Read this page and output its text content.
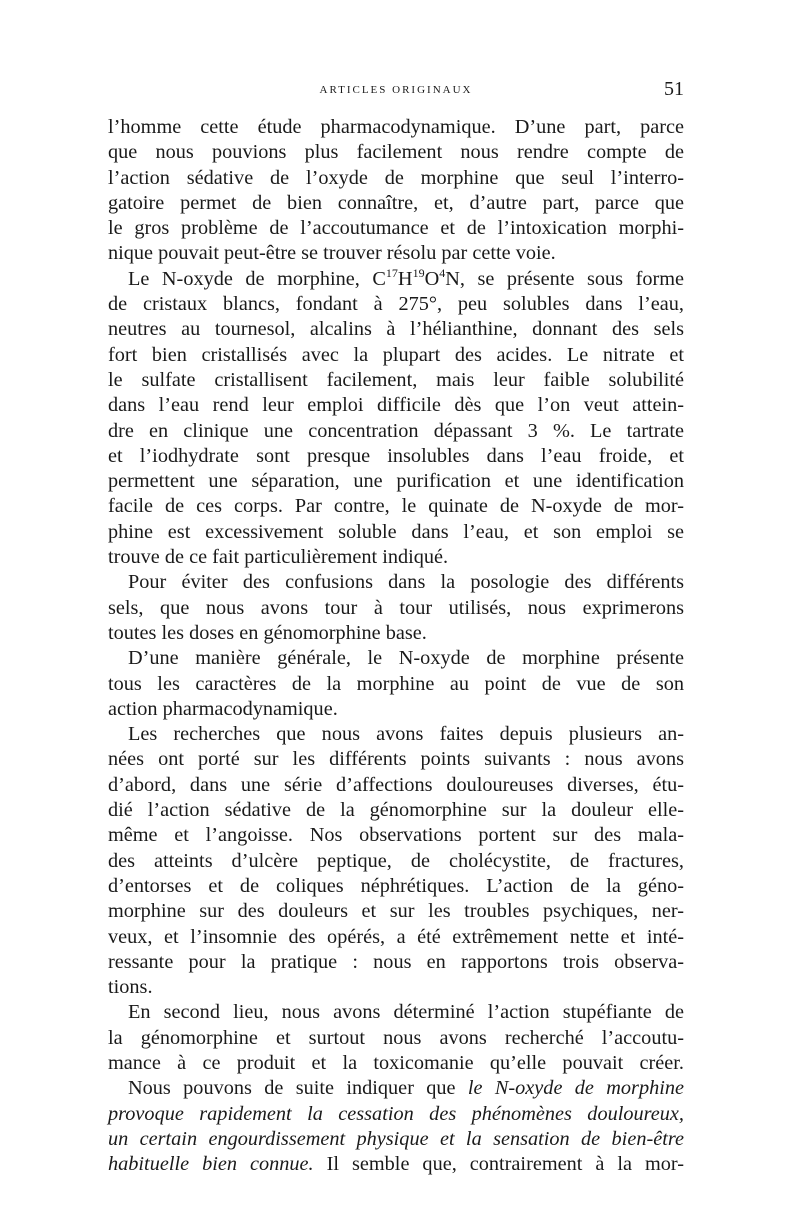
ARTICLES ORIGINAUX	51

l’homme cette étude pharmacodynamique. D’une part, parce
que nous pouvions plus facilement nous rendre compte de
l’action sédative de l’oxyde de morphine que seul l’interro-
gatoire permet de bien connaître, et, d’autre part, parce que
le gros problème de l’accoutumance et de l’intoxication morphi-
nique pouvait peut-être se trouver résolu par cette voie.

Le N-oxyde de morphine, $C^{17}H^{19}O^4N$, se présente sous forme
de cristaux blancs, fondant à 275°, peu solubles dans l’eau,
neutres au tournesol, alcalins à l’hélianthine, donnant des sels
fort bien cristallisés avec la plupart des acides. Le nitrate et
le sulfate cristallisent facilement, mais leur faible solubilité
dans l’eau rend leur emploi difficile dès que l’on veut attein-
dre en clinique une concentration dépassant 3 %. Le tartrate
et l’iodhydrate sont presque insolubles dans l’eau froide, et
permettent une séparation, une purification et une identification
facile de ces corps. Par contre, le quinate de N-oxyde de mor-
phine est excessivement soluble dans l’eau, et son emploi se
trouve de ce fait particulièrement indiqué.

Pour éviter des confusions dans la posologie des différents
sels, que nous avons tour à tour utilisés, nous exprimerons
toutes les doses en génomorphine base.

D’une manière générale, le N-oxyde de morphine présente
tous les caractères de la morphine au point de vue de son
action pharmacodynamique.

Les recherches que nous avons faites depuis plusieurs an-
nées ont porté sur les différents points suivants : nous avons
d’abord, dans une série d’affections douloureuses diverses, étu-
dié l’action sédative de la génomorphine sur la douleur elle-
même et l’angoisse. Nos observations portent sur des mala-
des atteints d’ulcère peptique, de cholécystite, de fractures,
d’entorses et de coliques néphrétiques. L’action de la géno-
morphine sur des douleurs et sur les troubles psychiques, ner-
veux, et l’insomnie des opérés, a été extrêmement nette et inté-
ressante pour la pratique : nous en rapportons trois observa-
tions.

En second lieu, nous avons déterminé l’action stupéfiante de
la génomorphine et surtout nous avons recherché l’accoutu-
mance à ce produit et la toxicomanie qu’elle pouvait créer.

Nous pouvons de suite indiquer que le N-oxyde de morphine
provoque rapidement la cessation des phénomènes douloureux,
un certain engourdissement physique et la sensation de bien-être
habituelle bien connue. Il semble que, contrairement à la mor-
